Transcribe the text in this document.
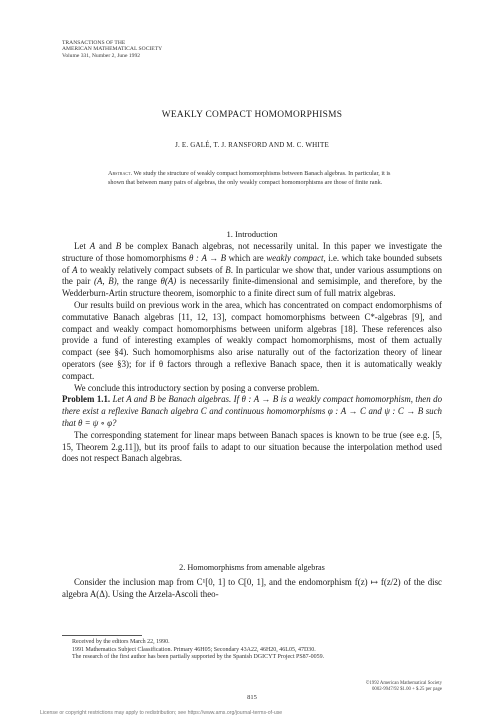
TRANSACTIONS OF THE
AMERICAN MATHEMATICAL SOCIETY
Volume 331, Number 2, June 1992
WEAKLY COMPACT HOMOMORPHISMS
J. E. GALÉ, T. J. RANSFORD AND M. C. WHITE
Abstract. We study the structure of weakly compact homomorphisms between Banach algebras. In particular, it is shown that between many pairs of algebras, the only weakly compact homomorphisms are those of finite rank.
1. Introduction

Let A and B be complex Banach algebras, not necessarily unital. In this paper we investigate the structure of those homomorphisms θ : A → B which are weakly compact, i.e. which take bounded subsets of A to weakly relatively compact subsets of B. In particular we show that, under various assumptions on the pair (A, B), the range θ(A) is necessarily finite-dimensional and semisimple, and therefore, by the Wedderburn-Artin structure theorem, isomorphic to a finite direct sum of full matrix algebras.

Our results build on previous work in the area, which has concentrated on compact endomorphisms of commutative Banach algebras [11, 12, 13], compact homomorphisms between C*-algebras [9], and compact and weakly compact homomorphisms between uniform algebras [18]. These references also provide a fund of interesting examples of weakly compact homomorphisms, most of them actually compact (see §4). Such homomorphisms also arise naturally out of the factorization theory of linear operators (see §3); for if θ factors through a reflexive Banach space, then it is automatically weakly compact.

We conclude this introductory section by posing a converse problem.

Problem 1.1. Let A and B be Banach algebras. If θ : A → B is a weakly compact homomorphism, then do there exist a reflexive Banach algebra C and continuous homomorphisms φ : A → C and ψ : C → B such that θ = ψ ∘ φ?

The corresponding statement for linear maps between Banach spaces is known to be true (see e.g. [5, 15, Theorem 2.g.11]), but its proof fails to adapt to our situation because the interpolation method used does not respect Banach algebras.

2. Homomorphisms from amenable algebras

Consider the inclusion map from C¹[0, 1] to C[0, 1], and the endomorphism f(z) ↦ f(z/2) of the disc algebra A(Δ). Using the Arzela-Ascoli theo-

Received by the editors March 22, 1990.

1991 Mathematics Subject Classification. Primary 46H05; Secondary 43A22, 46H20, 46L05, 47D30.

The research of the first author has been partially supported by the Spanish DGICYT Project PS87-0059.

©1992 American Mathematical Society
0002-9947/92 $1.00 + $.25 per page
815
License or copyright restrictions may apply to redistribution; see https://www.ams.org/journal-terms-of-use
